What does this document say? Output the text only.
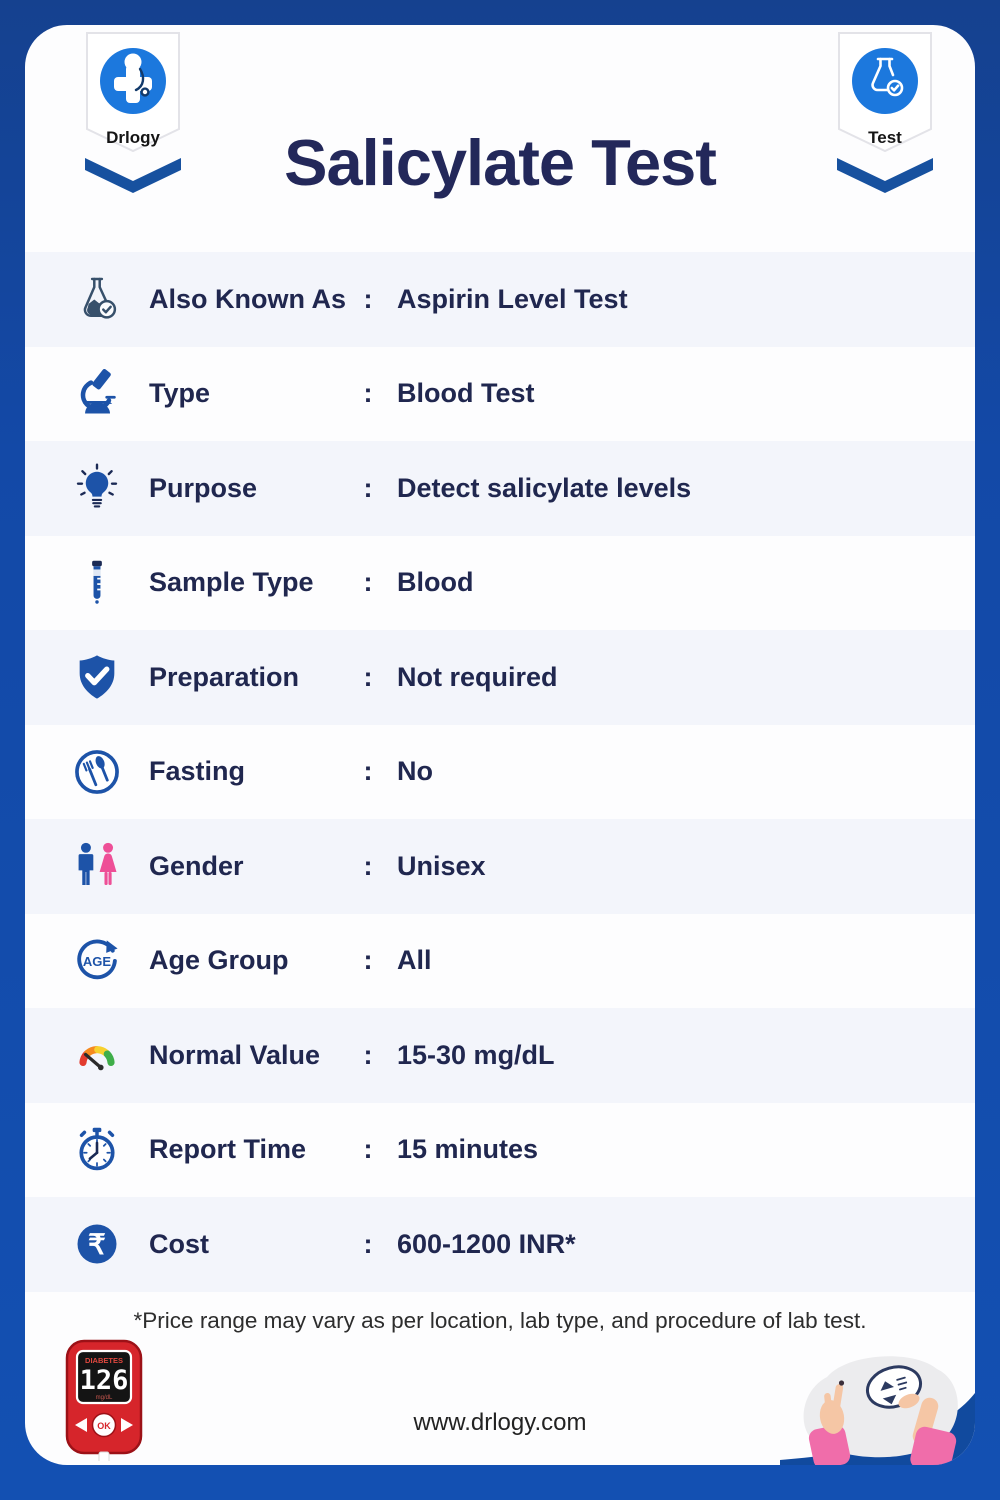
Drlogy	Test
Salicylate Test
Also Known As : Aspirin Level Test
Type	: Blood Test
Purpose	: Detect salicylate levels
Sample Type	: Blood
Preparation	: Not required
Fasting	: No
Gender	: Unisex
AGE Age Group	: All
Normal Value	: 15-30 mg/dL
Report Time	: 15 minutes
₹ Cost	: 600-1200 INR*
*Price range may vary as per location, lab type, and procedure of lab test.
DIABETES
126
mg/dL
OK	www.drlogy.com
